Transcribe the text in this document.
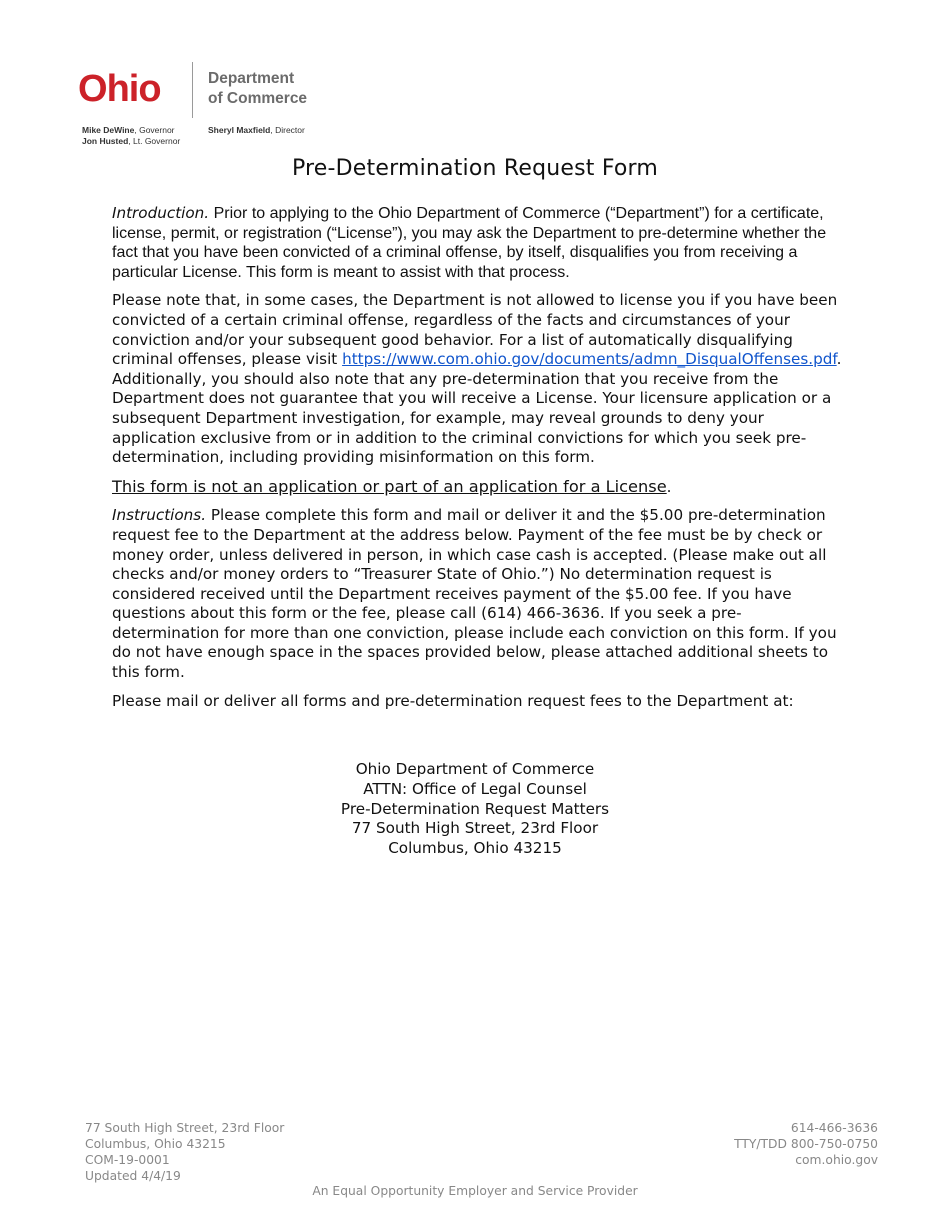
Ohio	Department
of Commerce
Mike DeWine, Governor
Jon Husted, Lt. Governor
Sheryl Maxfield, Director
Pre-Determination Request Form

Introduction. Prior to applying to the Ohio Department of Commerce (“Department”) for a certificate, license, permit, or registration (“License”), you may ask the Department to pre-determine whether the fact that you have been convicted of a criminal offense, by itself, disqualifies you from receiving a particular License. This form is meant to assist with that process.

Please note that, in some cases, the Department is not allowed to license you if you have been convicted of a certain criminal offense, regardless of the facts and circumstances of your conviction and/or your subsequent good behavior. For a list of automatically disqualifying criminal offenses, please visit https://www.com.ohio.gov/documents/admn_DisqualOffenses.pdf. Additionally, you should also note that any pre-determination that you receive from the Department does not guarantee that you will receive a License. Your licensure application or a subsequent Department investigation, for example, may reveal grounds to deny your application exclusive from or in addition to the criminal convictions for which you seek pre-determination, including providing misinformation on this form.

This form is not an application or part of an application for a License.

Instructions. Please complete this form and mail or deliver it and the $5.00 pre-determination request fee to the Department at the address below. Payment of the fee must be by check or money order, unless delivered in person, in which case cash is accepted. (Please make out all checks and/or money orders to “Treasurer State of Ohio.”) No determination request is considered received until the Department receives payment of the $5.00 fee. If you have questions about this form or the fee, please call (614) 466-3636. If you seek a pre-determination for more than one conviction, please include each conviction on this form. If you do not have enough space in the spaces provided below, please attached additional sheets to this form.

Please mail or deliver all forms and pre-determination request fees to the Department at:

Ohio Department of Commerce
ATTN: Office of Legal Counsel
Pre-Determination Request Matters
77 South High Street, 23rd Floor
Columbus, Ohio 43215
77 South High Street, 23rd Floor
Columbus, Ohio 43215
COM-19-0001
Updated 4/4/19
614-466-3636
TTY/TDD 800-750-0750
com.ohio.gov
An Equal Opportunity Employer and Service Provider
